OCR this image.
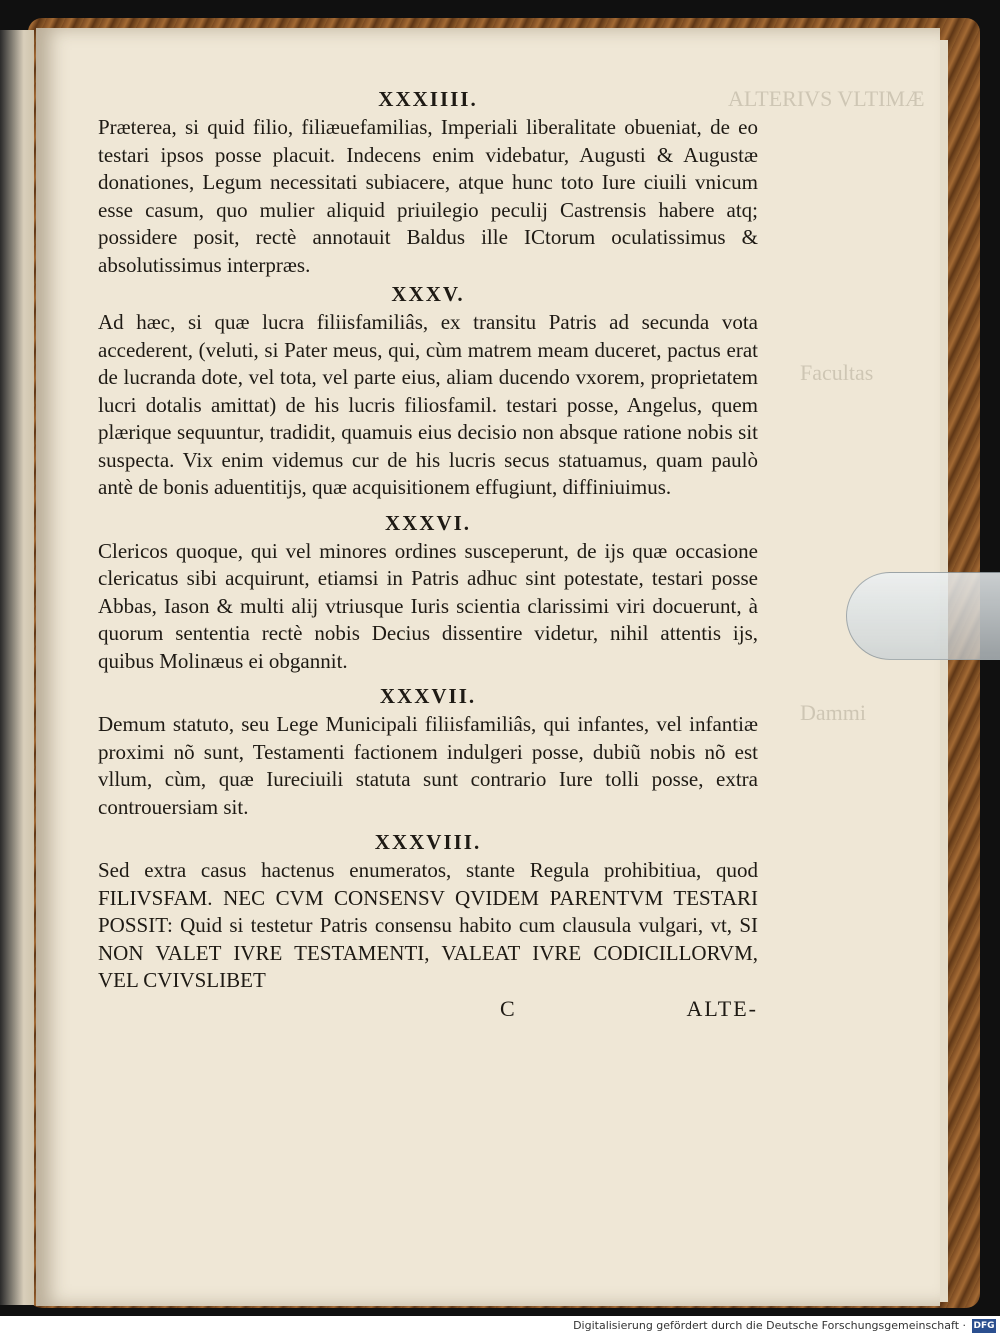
ALTERIVS VLTIMÆ
Facultas
Dammi
XXXIIII.

Præterea, si quid filio, filiæuefamilias, Imperiali liberalitate obueniat, de eo testari ipsos posse placuit. Indecens enim videbatur, Augusti & Augustæ donationes, Legum necessitati subiacere, atque hunc toto Iure ciuili vnicum esse casum, quo mulier aliquid priuilegio peculij Castrensis habere atq; possidere posit, rectè annotauit Baldus ille ICtorum oculatissimus & absolutissimus interpræs.

XXXV.

Ad hæc, si quæ lucra filiisfamiliâs, ex transitu Patris ad secunda vota accederent, (veluti, si Pater meus, qui, cùm matrem meam duceret, pactus erat de lucranda dote, vel tota, vel parte eius, aliam ducendo vxorem, proprietatem lucri dotalis amittat) de his lucris filiosfamil. testari posse, Angelus, quem plærique sequuntur, tradidit, quamuis eius decisio non absque ratione nobis sit suspecta. Vix enim videmus cur de his lucris secus statuamus, quam paulò antè de bonis aduentitijs, quæ acquisitionem effugiunt, diffiniuimus.

XXXVI.

Clericos quoque, qui vel minores ordines susceperunt, de ijs quæ occasione clericatus sibi acquirunt, etiamsi in Patris adhuc sint potestate, testari posse Abbas, Iason & multi alij vtriusque Iuris scientia clarissimi viri docuerunt, à quorum sententia rectè nobis Decius dissentire videtur, nihil attentis ijs, quibus Molinæus ei obgannit.

XXXVII.

Demum statuto, seu Lege Municipali filiisfamiliâs, qui infantes, vel infantiæ proximi nõ sunt, Testamenti factionem indulgeri posse, dubiũ nobis nõ est vllum, cùm, quæ Iureciuili statuta sunt contrario Iure tolli posse, extra controuersiam sit.

XXXVIII.

Sed extra casus hactenus enumeratos, stante Regula prohibitiua, quod FILIVSFAM. NEC CVM CONSENSV QVIDEM PARENTVM TESTARI POSSIT: Quid si testetur Patris consensu habito cum clausula vulgari, vt, SI NON VALET IVRE TESTAMENTI, VALEAT IVRE CODICILLORVM, VEL CVIVSLIBET

C	ALTE-
Digitalisierung gefördert durch die Deutsche Forschungsgemeinschaft · DFG
